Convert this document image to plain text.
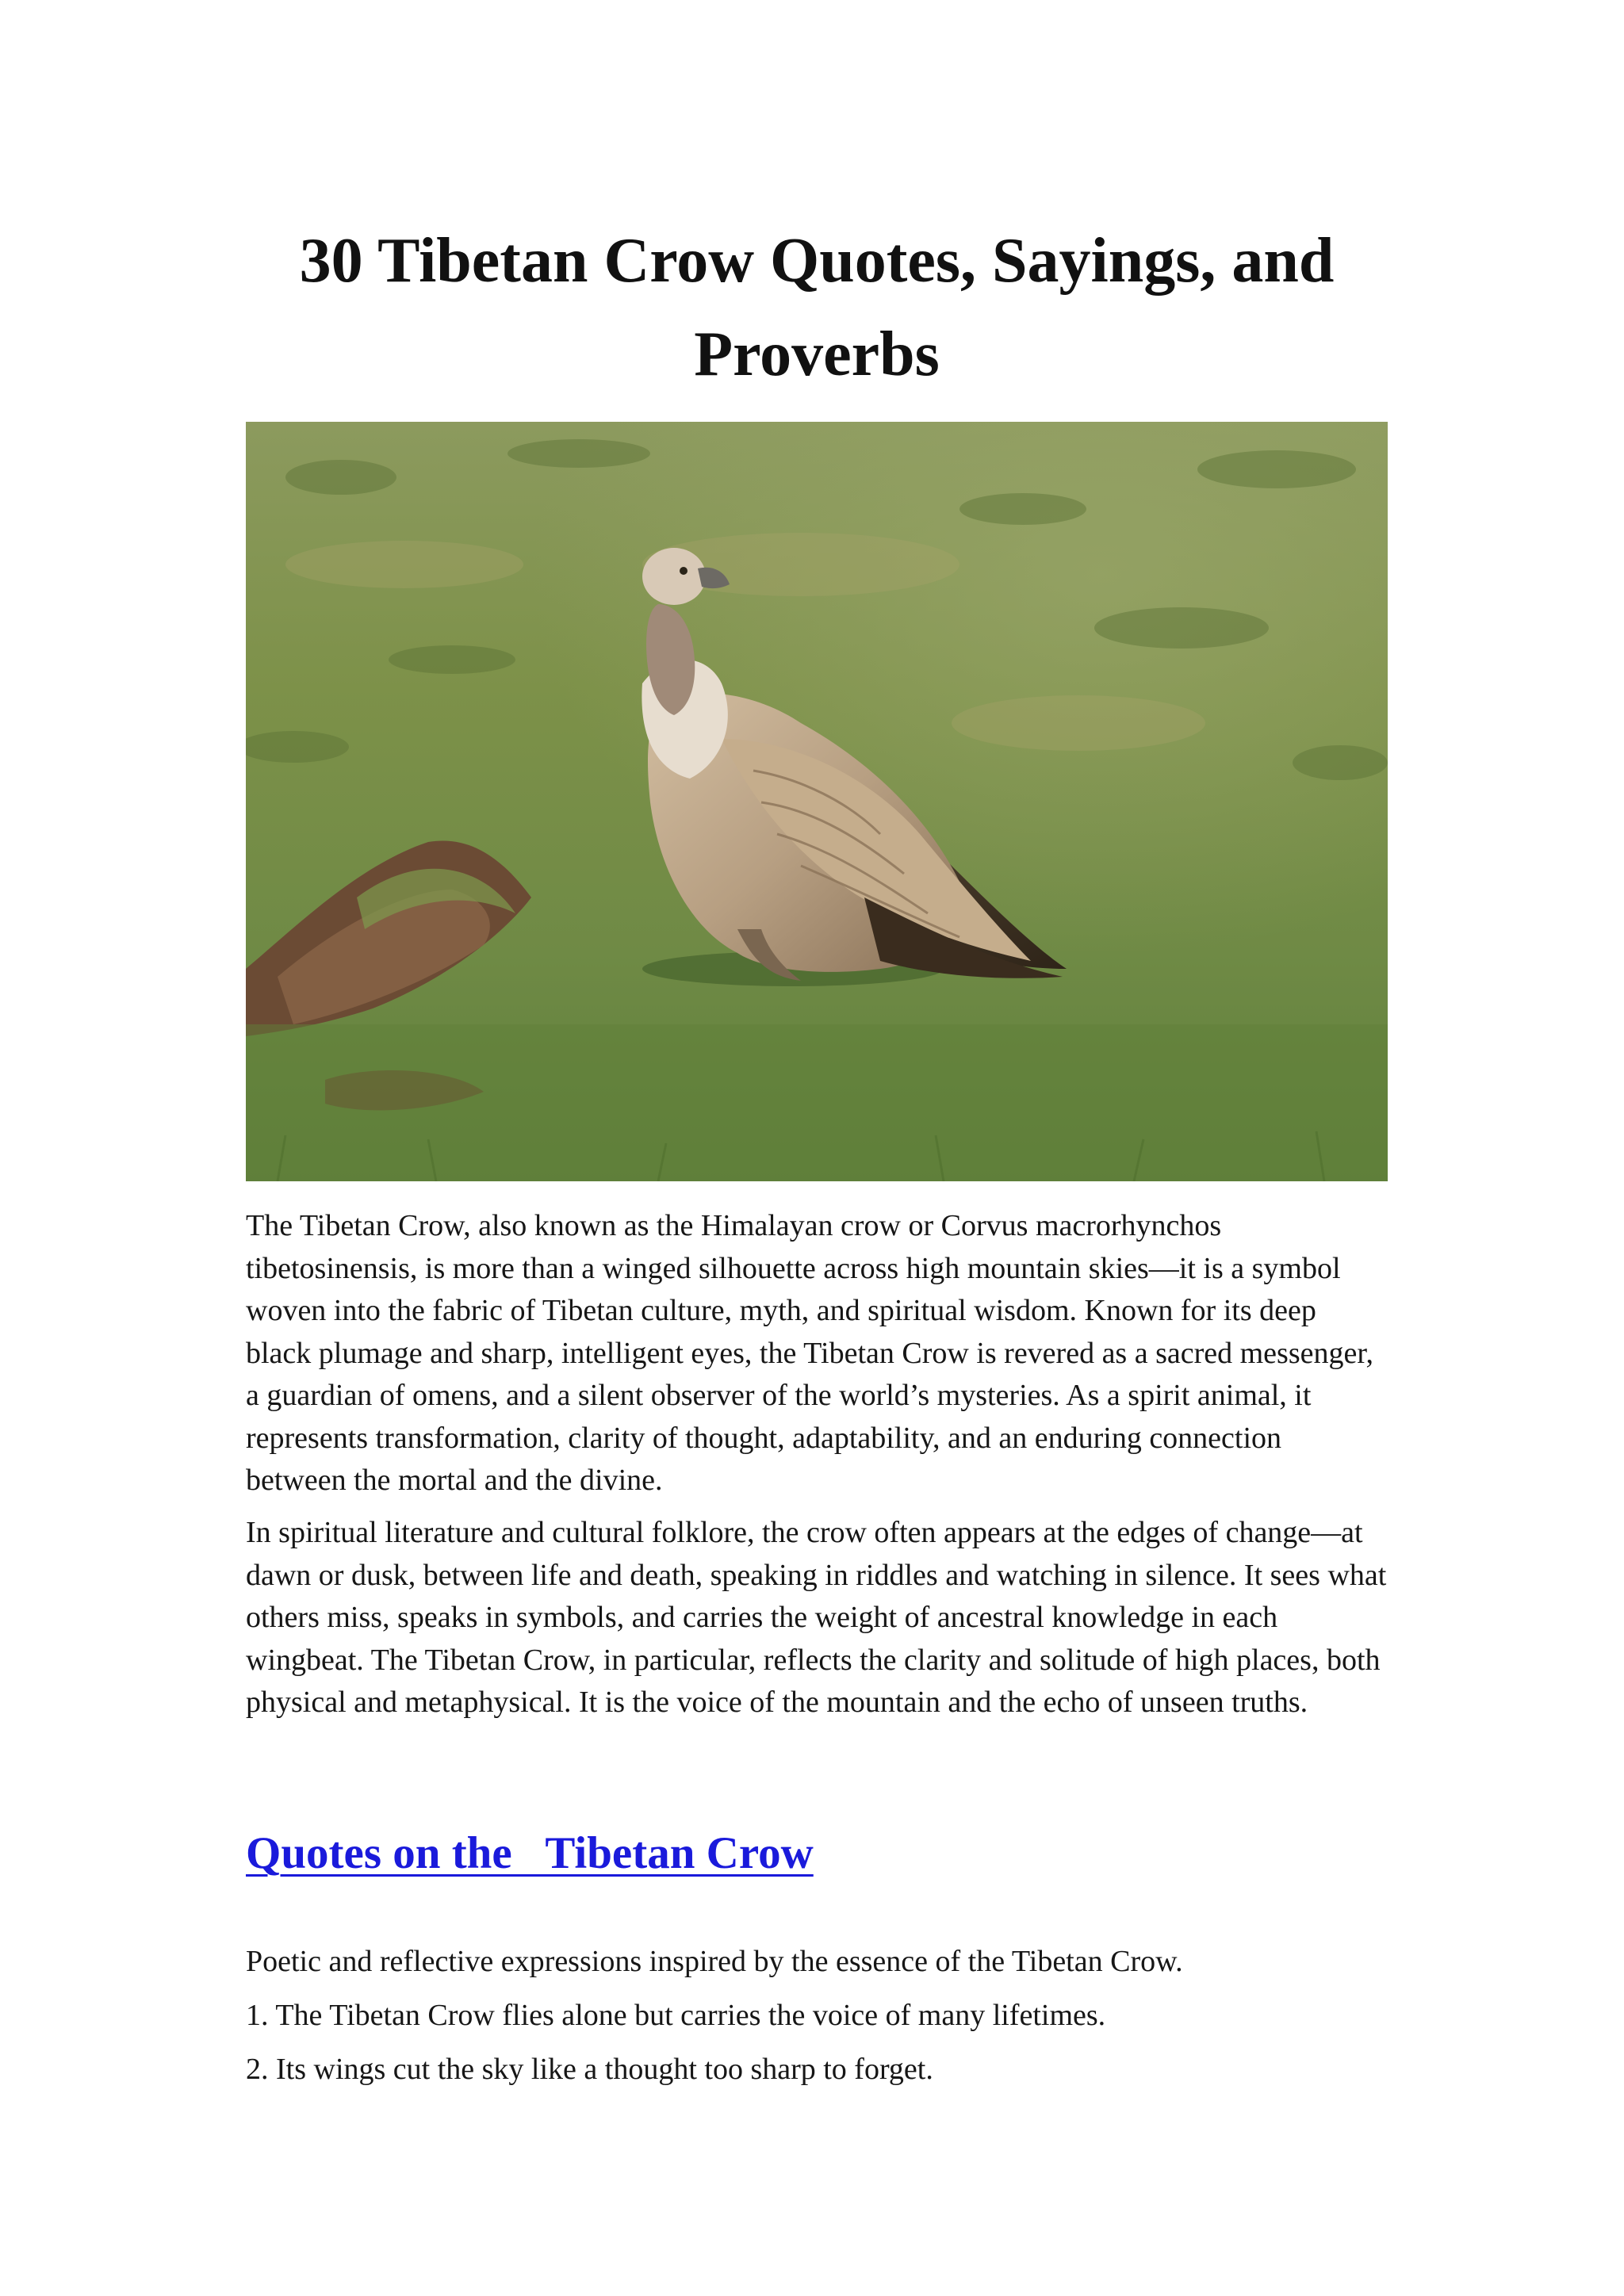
30 Tibetan Crow Quotes, Sayings, and Proverbs

The Tibetan Crow, also known as the Himalayan crow or Corvus macrorhynchos tibetosinensis, is more than a winged silhouette across high mountain skies—it is a symbol woven into the fabric of Tibetan culture, myth, and spiritual wisdom. Known for its deep black plumage and sharp, intelligent eyes, the Tibetan Crow is revered as a sacred messenger, a guardian of omens, and a silent observer of the world’s mysteries. As a spirit animal, it represents transformation, clarity of thought, adaptability, and an enduring connection between the mortal and the divine.

In spiritual literature and cultural folklore, the crow often appears at the edges of change—at dawn or dusk, between life and death, speaking in riddles and watching in silence. It sees what others miss, speaks in symbols, and carries the weight of ancestral knowledge in each wingbeat. The Tibetan Crow, in particular, reflects the clarity and solitude of high places, both physical and metaphysical. It is the voice of the mountain and the echo of unseen truths.

Quotes on the   Tibetan Crow

Poetic and reflective expressions inspired by the essence of the Tibetan Crow.

1. The Tibetan Crow flies alone but carries the voice of many lifetimes.

2. Its wings cut the sky like a thought too sharp to forget.
